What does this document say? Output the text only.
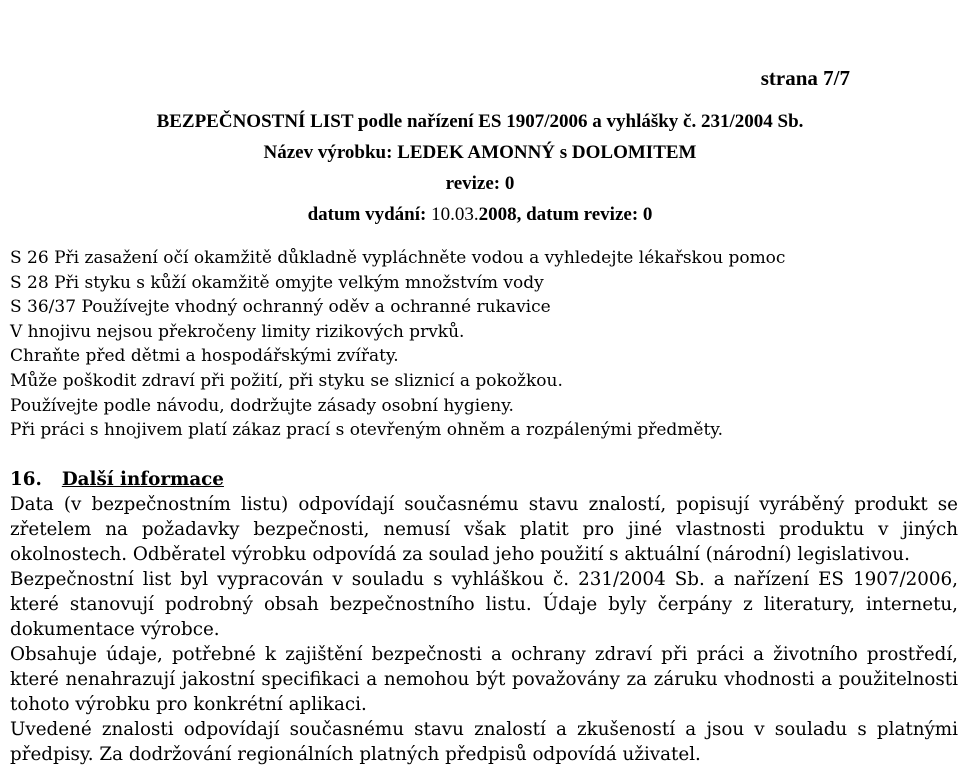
strana 7/7
BEZPEČNOSTNÍ LIST podle nařízení ES 1907/2006 a vyhlášky č. 231/2004 Sb.
Název výrobku: LEDEK AMONNÝ s DOLOMITEM
revize: 0
datum vydání: 10.03.2008, datum revize: 0
S 26 Při zasažení očí okamžitě důkladně vypláchněte vodou a vyhledejte lékařskou pomoc
S 28 Při styku s kůží okamžitě omyjte velkým množstvím vody
S 36/37 Používejte vhodný ochranný oděv a ochranné rukavice
V hnojivu nejsou překročeny limity rizikových prvků.
Chraňte před dětmi a hospodářskými zvířaty.
Může poškodit zdraví při požití, při styku se sliznicí a pokožkou.
Používejte podle návodu, dodržujte zásady osobní hygieny.
Při práci s hnojivem platí zákaz prací s otevřeným ohněm a rozpálenými předměty.
16. Další informace
Data (v bezpečnostním listu) odpovídají současnému stavu znalostí, popisují vyráběný produkt se zřetelem na požadavky bezpečnosti, nemusí však platit pro jiné vlastnosti produktu v jiných okolnostech. Odběratel výrobku odpovídá za soulad jeho použití s aktuální (národní) legislativou.
Bezpečnostní list byl vypracován v souladu s vyhláškou č. 231/2004 Sb. a nařízení ES 1907/2006, které stanovují podrobný obsah bezpečnostního listu. Údaje byly čerpány z literatury, internetu, dokumentace výrobce.
Obsahuje údaje, potřebné k zajištění bezpečnosti a ochrany zdraví při práci a životního prostředí, které nenahrazují jakostní specifikaci a nemohou být považovány za záruku vhodnosti a použitelnosti tohoto výrobku pro konkrétní aplikaci.
Uvedené znalosti odpovídají současnému stavu znalostí a zkušeností a jsou v souladu s platnými předpisy. Za dodržování regionálních platných předpisů odpovídá uživatel.
